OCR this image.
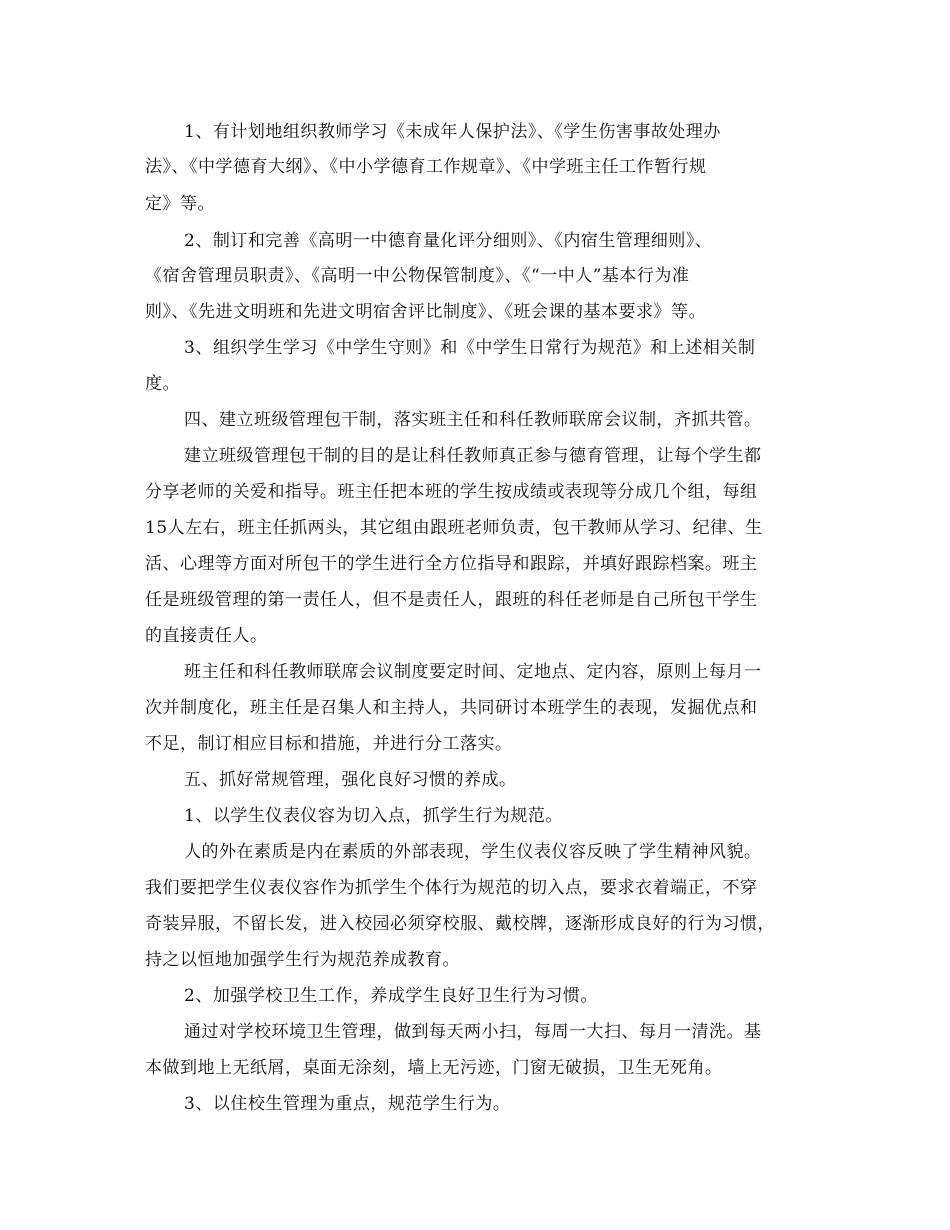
1、有计划地组织教师学习《未成年人保护法》、《学生伤害事故处理办

法》、《中学德育大纲》、《中小学德育工作规章》、《中学班主任工作暂行规

定》等。

2、制订和完善《高明一中德育量化评分细则》、《内宿生管理细则》、

《宿舍管理员职责》、《高明一中公物保管制度》、《“一中人”基本行为准

则》、《先进文明班和先进文明宿舍评比制度》、《班会课的基本要求》等。

3、组织学生学习《中学生守则》和《中学生日常行为规范》和上述相关制

度。

四、建立班级管理包干制，落实班主任和科任教师联席会议制，齐抓共管。

建立班级管理包干制的目的是让科任教师真正参与德育管理，让每个学生都

分享老师的关爱和指导。班主任把本班的学生按成绩或表现等分成几个组，每组

15人左右，班主任抓两头，其它组由跟班老师负责，包干教师从学习、纪律、生

活、心理等方面对所包干的学生进行全方位指导和跟踪，并填好跟踪档案。班主

任是班级管理的第一责任人，但不是责任人，跟班的科任老师是自己所包干学生

的直接责任人。

班主任和科任教师联席会议制度要定时间、定地点、定内容，原则上每月一

次并制度化，班主任是召集人和主持人，共同研讨本班学生的表现，发掘优点和

不足，制订相应目标和措施，并进行分工落实。

五、抓好常规管理，强化良好习惯的养成。

1、以学生仪表仪容为切入点，抓学生行为规范。

人的外在素质是内在素质的外部表现，学生仪表仪容反映了学生精神风貌。

我们要把学生仪表仪容作为抓学生个体行为规范的切入点，要求衣着端正，不穿

奇装异服，不留长发，进入校园必须穿校服、戴校牌，逐渐形成良好的行为习惯，

持之以恒地加强学生行为规范养成教育。

2、加强学校卫生工作，养成学生良好卫生行为习惯。

通过对学校环境卫生管理，做到每天两小扫，每周一大扫、每月一清洗。基

本做到地上无纸屑，桌面无涂刻，墙上无污迹，门窗无破损，卫生无死角。

3、以住校生管理为重点，规范学生行为。
